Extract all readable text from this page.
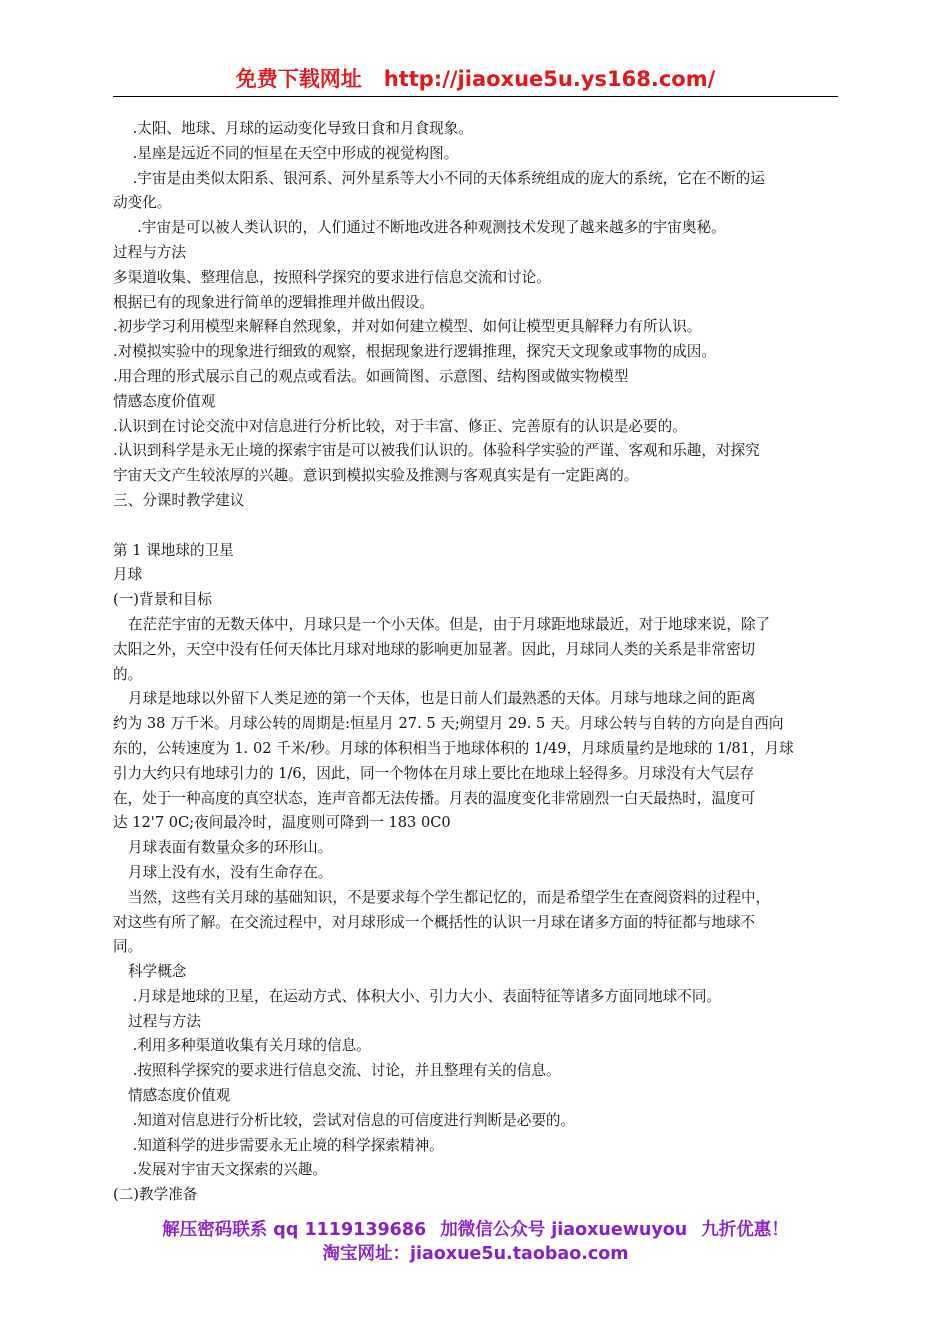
免费下载网址 http://jiaoxue5u.ys168.com/

.太阳、地球、月球的运动变化导致日食和月食现象。

.星座是远近不同的恒星在天空中形成的视觉构图。

.宇宙是由类似太阳系、银河系、河外星系等大小不同的天体系统组成的庞大的系统，它在不断的运

动变化。

.宇宙是可以被人类认识的，人们通过不断地改进各种观测技术发现了越来越多的宇宙奥秘。

过程与方法

多渠道收集、整理信息，按照科学探究的要求进行信息交流和讨论。

根据已有的现象进行简单的逻辑推理并做出假设。

.初步学习利用模型来解释自然现象，并对如何建立模型、如何让模型更具解释力有所认识。

.对模拟实验中的现象进行细致的观察，根据现象进行逻辑推理，探究天文现象或事物的成因。

.用合理的形式展示自己的观点或看法。如画简图、示意图、结构图或做实物模型

情感态度价值观

.认识到在讨论交流中对信息进行分析比较，对于丰富、修正、完善原有的认识是必要的。

.认识到科学是永无止境的探索宇宙是可以被我们认识的。体验科学实验的严谨、客观和乐趣，对探究

宇宙天文产生较浓厚的兴趣。意识到模拟实验及推测与客观真实是有一定距离的。

三、分课时教学建议

第 1 课地球的卫星

月球

(一)背景和目标

在茫茫宇宙的无数天体中，月球只是一个小天体。但是，由于月球距地球最近，对于地球来说，除了

太阳之外，天空中没有任何天体比月球对地球的影响更加显著。因此，月球同人类的关系是非常密切

的。

月球是地球以外留下人类足迹的第一个天体，也是日前人们最熟悉的天体。月球与地球之间的距离

约为 38 万千米。月球公转的周期是:恒星月 27. 5 天;朔望月 29. 5 天。月球公转与自转的方向是自西向

东的，公转速度为 1. 02 千米/秒。月球的体积相当于地球体积的 1/49，月球质量约是地球的 1/81，月球

引力大约只有地球引力的 1/6，因此，同一个物体在月球上要比在地球上轻得多。月球没有大气层存

在，处于一种高度的真空状态，连声音都无法传播。月表的温度变化非常剧烈一白天最热时，温度可

达 12'7 0C;夜间最冷时，温度则可降到一 183 0C0

月球表面有数量众多的环形山。

月球上没有水，没有生命存在。

当然，这些有关月球的基础知识，不是要求每个学生都记忆的，而是希望学生在查阅资料的过程中，

对这些有所了解。在交流过程中，对月球形成一个概括性的认识一月球在诸多方面的特征都与地球不

同。

科学概念

.月球是地球的卫星，在运动方式、体积大小、引力大小、表面特征等诸多方面同地球不同。

过程与方法

.利用多种渠道收集有关月球的信息。

.按照科学探究的要求进行信息交流、讨论，并且整理有关的信息。

情感态度价值观

.知道对信息进行分析比较，尝试对信息的可信度进行判断是必要的。

.知道科学的进步需要永无止境的科学探索精神。

.发展对宇宙天文探索的兴趣。

(二)教学准备

解压密码联系 qq 1119139686 加微信公众号 jiaoxuewuyou 九折优惠！
淘宝网址：jiaoxue5u.taobao.com
